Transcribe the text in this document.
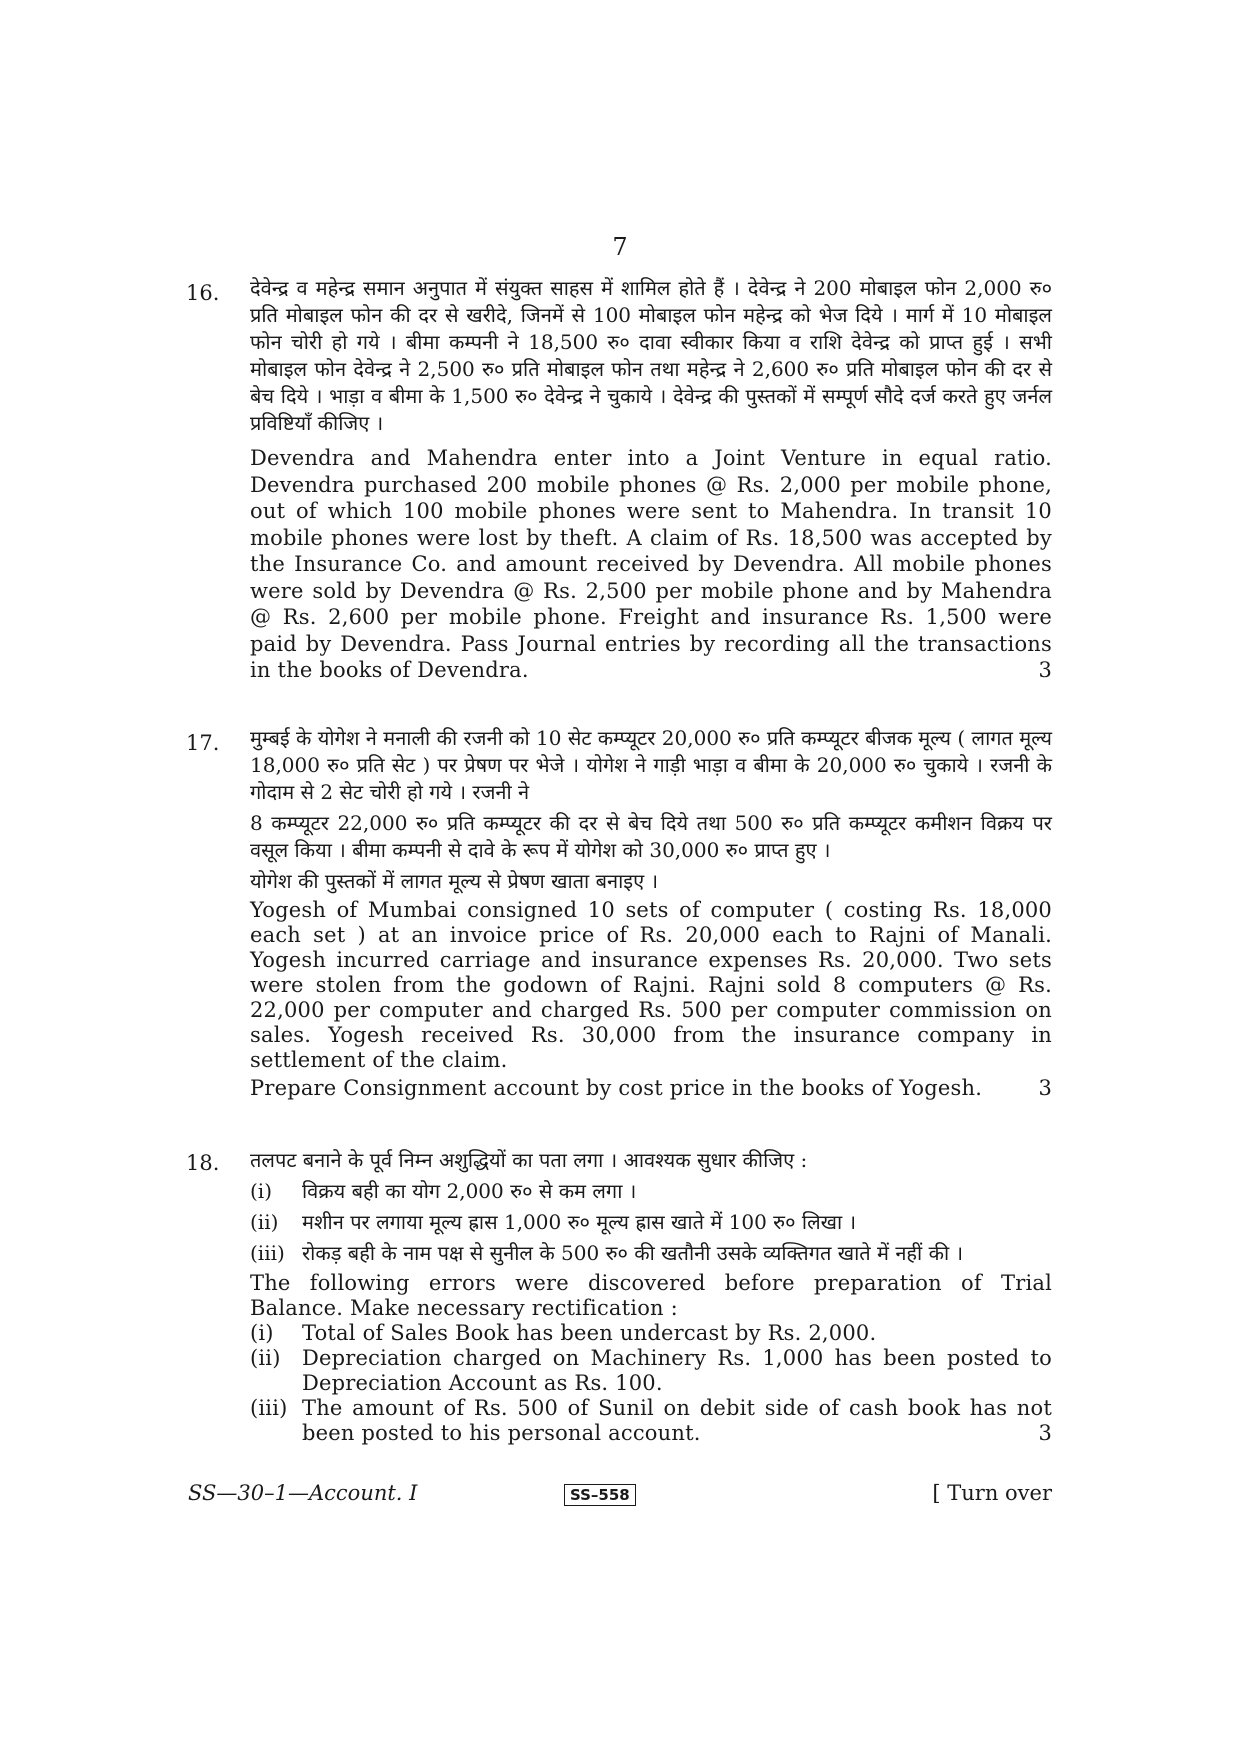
7
16. देवेन्द्र व महेन्द्र समान अनुपात में संयुक्त साहस में शामिल होते हैं । देवेन्द्र ने 200 मोबाइल फोन 2,000 रु० प्रति मोबाइल फोन की दर से खरीदे, जिनमें से 100 मोबाइल फोन महेन्द्र को भेज दिये । मार्ग में 10 मोबाइल फोन चोरी हो गये । बीमा कम्पनी ने 18,500 रु० दावा स्वीकार किया व राशि देवेन्द्र को प्राप्त हुई । सभी मोबाइल फोन देवेन्द्र ने 2,500 रु० प्रति मोबाइल फोन तथा महेन्द्र ने 2,600 रु० प्रति मोबाइल फोन की दर से बेच दिये । भाड़ा व बीमा के 1,500 रु० देवेन्द्र ने चुकाये । देवेन्द्र की पुस्तकों में सम्पूर्ण सौदे दर्ज करते हुए जर्नल प्रविष्टियाँ कीजिए ।

Devendra and Mahendra enter into a Joint Venture in equal ratio. Devendra purchased 200 mobile phones @ Rs. 2,000 per mobile phone, out of which 100 mobile phones were sent to Mahendra. In transit 10 mobile phones were lost by theft. A claim of Rs. 18,500 was accepted by the Insurance Co. and amount received by Devendra. All mobile phones were sold by Devendra @ Rs. 2,500 per mobile phone and by Mahendra @ Rs. 2,600 per mobile phone. Freight and insurance Rs. 1,500 were paid by Devendra. Pass Journal entries by recording all the transactions in the books of Devendra.	3

17. मुम्बई के योगेश ने मनाली की रजनी को 10 सेट कम्प्यूटर 20,000 रु० प्रति कम्प्यूटर बीजक मूल्य ( लागत मूल्य 18,000 रु० प्रति सेट ) पर प्रेषण पर भेजे । योगेश ने गाड़ी भाड़ा व बीमा के 20,000 रु० चुकाये । रजनी के गोदाम से 2 सेट चोरी हो गये । रजनी ने

8 कम्प्यूटर 22,000 रु० प्रति कम्प्यूटर की दर से बेच दिये तथा 500 रु० प्रति कम्प्यूटर कमीशन विक्रय पर वसूल किया । बीमा कम्पनी से दावे के रूप में योगेश को 30,000 रु० प्राप्त हुए ।

योगेश की पुस्तकों में लागत मूल्य से प्रेषण खाता बनाइए ।

Yogesh of Mumbai consigned 10 sets of computer ( costing Rs. 18,000 each set ) at an invoice price of Rs. 20,000 each to Rajni of Manali. Yogesh incurred carriage and insurance expenses Rs. 20,000. Two sets were stolen from the godown of Rajni. Rajni sold 8 computers @ Rs. 22,000 per computer and charged Rs. 500 per computer commission on sales. Yogesh received Rs. 30,000 from the insurance company in settlement of the claim.

Prepare Consignment account by cost price in the books of Yogesh.	3

18. तलपट बनाने के पूर्व निम्न अशुद्धियों का पता लगा । आवश्यक सुधार कीजिए :

(i)	विक्रय बही का योग 2,000 रु० से कम लगा ।
(ii)	मशीन पर लगाया मूल्य ह्रास 1,000 रु० मूल्य ह्रास खाते में 100 रु० लिखा ।
(iii) रोकड़ बही के नाम पक्ष से सुनील के 500 रु० की खतौनी उसके व्यक्तिगत खाते में नहीं की ।

The following errors were discovered before preparation of Trial Balance. Make necessary rectification :

(i)	Total of Sales Book has been undercast by Rs. 2,000.
(ii)	Depreciation charged on Machinery Rs. 1,000 has been posted to Depreciation Account as Rs. 100.
(iii) The amount of Rs. 500 of Sunil on debit side of cash book has not been posted to his personal account.	3
SS—30–1—Account. I	SS–558	[ Turn over
